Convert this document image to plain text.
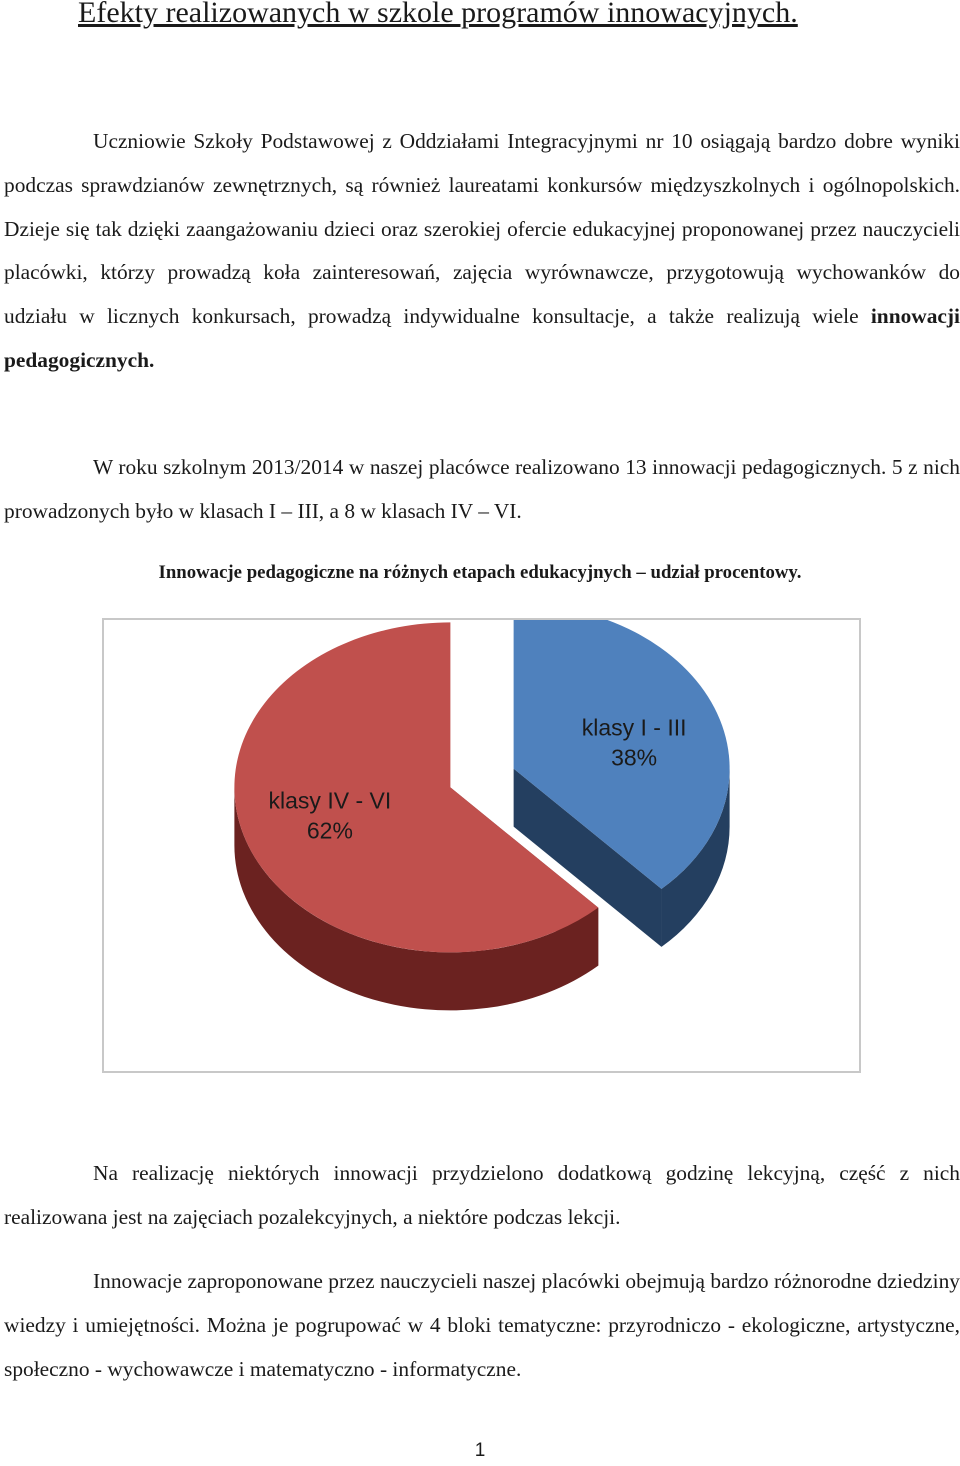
Efekty realizowanych w szkole programów innowacyjnych.

Uczniowie Szkoły Podstawowej z Oddziałami Integracyjnymi nr 10 osiągają bardzo dobre wyniki podczas sprawdzianów zewnętrznych, są również laureatami konkursów międzyszkolnych i ogólnopolskich. Dzieje się tak dzięki zaangażowaniu dzieci oraz szerokiej ofercie edukacyjnej proponowanej przez nauczycieli placówki, którzy prowadzą koła zainteresowań, zajęcia wyrównawcze, przygotowują wychowanków do udziału w licznych konkursach, prowadzą indywidualne konsultacje, a także realizują wiele innowacji pedagogicznych.

W roku szkolnym 2013/2014 w naszej placówce realizowano 13 innowacji pedagogicznych. 5 z nich prowadzonych było w klasach I – III, a 8 w klasach IV – VI.

Innowacje pedagogiczne na różnych etapach edukacyjnych – udział procentowy.
klasy I - III
38%
klasy IV - VI
62%

Na realizację niektórych innowacji przydzielono dodatkową godzinę lekcyjną, część z nich realizowana jest na zajęciach pozalekcyjnych, a niektóre podczas lekcji.

Innowacje zaproponowane przez nauczycieli naszej placówki obejmują bardzo różnorodne dziedziny wiedzy i umiejętności. Można je pogrupować w 4 bloki tematyczne: przyrodniczo - ekologiczne, artystyczne, społeczno - wychowawcze i matematyczno - informatyczne.

1
